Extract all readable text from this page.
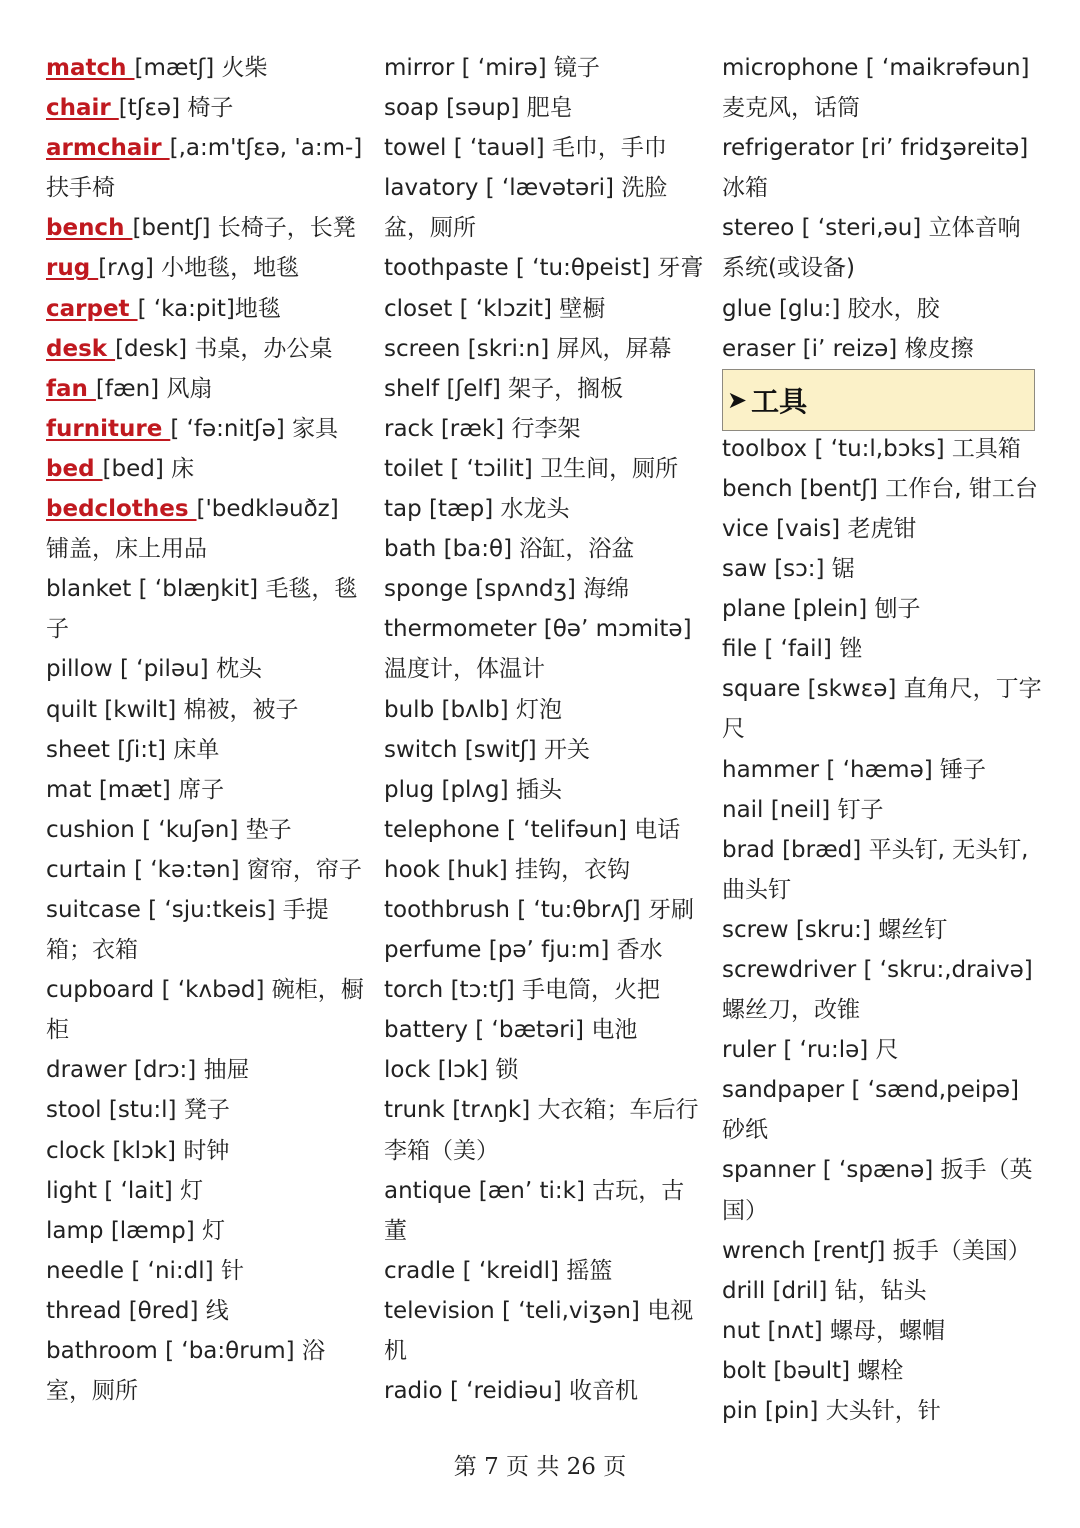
match [mætʃ] 火柴
chair [tʃεə] 椅子
armchair [,a:m'tʃεə, 'a:m-] 扶手椅
bench [bentʃ] 长椅子，长凳
rug [rʌg] 小地毯，地毯
carpet [ ʻka:pit]地毯
desk [desk] 书桌，办公桌
fan [fæn] 风扇
furniture [ ʻfə:nitʃə] 家具
bed [bed] 床
bedclothes ['bedkləuðz] 铺盖，床上用品
blanket [ ʻblæŋkit] 毛毯，毯子
pillow [ ʻpiləu] 枕头
quilt [kwilt] 棉被，被子
sheet [ʃi:t] 床单
mat [mæt] 席子
cushion [ ʻkuʃən] 垫子
curtain [ ʻkə:tən] 窗帘，帘子
suitcase [ ʻsju:tkeis] 手提箱；衣箱
cupboard [ ʻkʌbəd] 碗柜，橱柜
drawer [drɔ:] 抽屉
stool [stu:l] 凳子
clock [klɔk] 时钟
light [ ʻlait] 灯
lamp [læmp] 灯
needle [ ʻni:dl] 针
thread [θred] 线
bathroom [ ʻba:θrum] 浴室，厕所
mirror [ ʻmirə] 镜子
soap [səup] 肥皂
towel [ ʻtauəl] 毛巾，手巾
lavatory [ ʻlævətəri] 洗脸盆，厕所
toothpaste [ ʻtu:θpeist] 牙膏
closet [ ʻklɔzit] 壁橱
screen [skri:n] 屏风，屏幕
shelf [ʃelf] 架子，搁板
rack [ræk] 行李架
toilet [ ʻtɔilit] 卫生间，厕所
tap [tæp] 水龙头
bath [ba:θ] 浴缸，浴盆
sponge [spʌndʒ] 海绵
thermometer [θəʼ mɔmitə] 温度计，体温计
bulb [bʌlb] 灯泡
switch [switʃ] 开关
plug [plʌg] 插头
telephone [ ʻtelifəun] 电话
hook [huk] 挂钩，衣钩
toothbrush [ ʻtu:θbrʌʃ] 牙刷
perfume [pəʼ fju:m] 香水
torch [tɔ:tʃ] 手电筒，火把
battery [ ʻbætəri] 电池
lock [lɔk] 锁
trunk [trʌŋk] 大衣箱；车后行李箱（美）
antique [ænʼ ti:k] 古玩，古董
cradle [ ʻkreidl] 摇篮
television [ ʻteli,viʒən] 电视机
radio [ ʻreidiəu] 收音机
microphone [ ʻmaikrəfəun] 麦克风，话筒
refrigerator [riʼ fridʒəreitə] 冰箱
stereo [ ʻsteri,əu] 立体音响系统(或设备)
glue [glu:] 胶水，胶
eraser [iʼ reizə] 橡皮擦
➤ 工具
toolbox [ ʻtu:l,bɔks] 工具箱
bench [bentʃ] 工作台, 钳工台
vice [vais] 老虎钳
saw [sɔ:] 锯
plane [plein] 刨子
file [ ʻfail] 锉
square [skwεə] 直角尺，丁字尺
hammer [ ʻhæmə] 锤子
nail [neil] 钉子
brad [bræd] 平头钉, 无头钉, 曲头钉
screw [skru:] 螺丝钉
screwdriver [ ʻskru:,draivə] 螺丝刀，改锥
ruler [ ʻru:lə] 尺
sandpaper [ ʻsænd,peipə] 砂纸
spanner [ ʻspænə] 扳手（英国）
wrench [rentʃ] 扳手（美国）
drill [dril] 钻，钻头
nut [nʌt] 螺母，螺帽
bolt [bəult] 螺栓
pin [pin] 大头针，针
第 7 页 共 26 页
